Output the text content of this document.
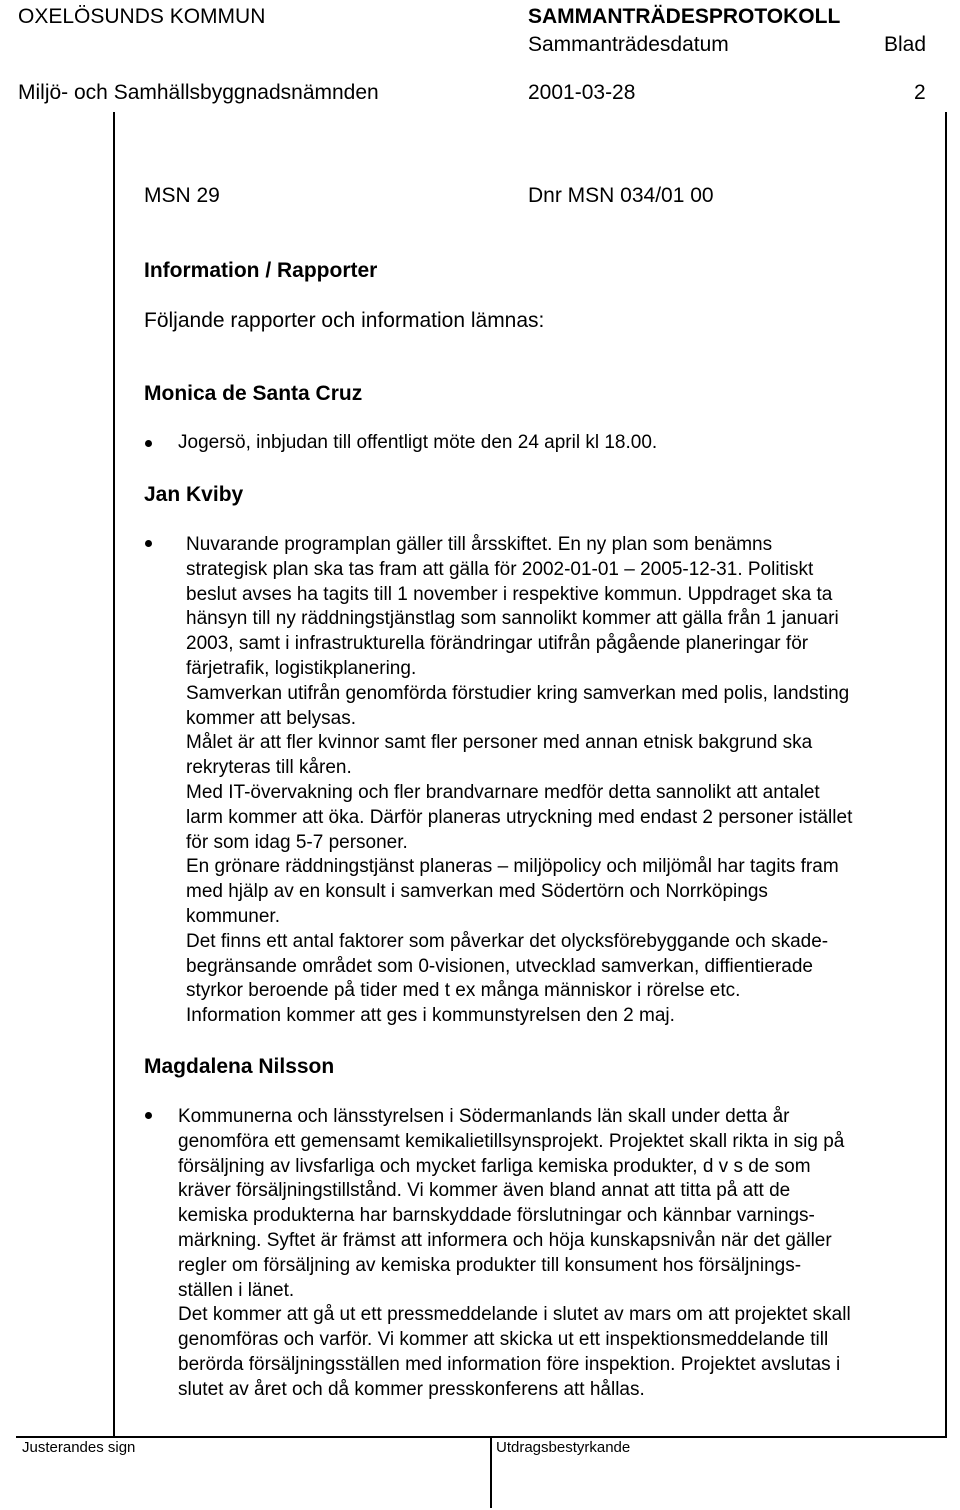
OXELÖSUNDS KOMMUN	SAMMANTRÄDESPROTOKOLL
Sammanträdesdatum	Blad
Miljö- och Samhällsbyggnadsnämnden	2001-03-28	2
MSN 29	Dnr MSN 034/01 00
Information / Rapporter
Följande rapporter och information lämnas:
Monica de Santa Cruz
Jogersö, inbjudan till offentligt möte den 24 april kl 18.00.
Jan Kviby
Nuvarande programplan gäller till årsskiftet. En ny plan som benämns
strategisk plan ska tas fram att gälla för 2002-01-01 – 2005-12-31. Politiskt
beslut avses ha tagits till 1 november i respektive kommun. Uppdraget ska ta
hänsyn till ny räddningstjänstlag som sannolikt kommer att gälla från 1 januari
2003, samt i infrastrukturella förändringar utifrån pågående planeringar för
färjetrafik, logistikplanering.
Samverkan utifrån genomförda förstudier kring samverkan med polis, landsting
kommer att belysas.
Målet är att fler kvinnor samt fler personer med annan etnisk bakgrund ska
rekryteras till kåren.
Med IT-övervakning och fler brandvarnare medför detta sannolikt att antalet
larm kommer att öka. Därför planeras utryckning med endast 2 personer istället
för som idag 5-7 personer.
En grönare räddningstjänst planeras – miljöpolicy och miljömål har tagits fram
med hjälp av en konsult i samverkan med Södertörn och Norrköpings
kommuner.
Det finns ett antal faktorer som påverkar det olycksförebyggande och skade-
begränsande området som 0-visionen, utvecklad samverkan, diffientierade
styrkor beroende på tider med t ex många människor i rörelse etc.
Information kommer att ges i kommunstyrelsen den 2 maj.
Magdalena Nilsson
Kommunerna och länsstyrelsen i Södermanlands län skall under detta år
genomföra ett gemensamt kemikalietillsynsprojekt. Projektet skall rikta in sig på
försäljning av livsfarliga och mycket farliga kemiska produkter, d v s de som
kräver försäljningstillstånd. Vi kommer även bland annat att titta på att de
kemiska produkterna har barnskyddade förslutningar och kännbar varnings-
märkning. Syftet är främst att informera och höja kunskapsnivån när det gäller
regler om försäljning av kemiska produkter till konsument hos försäljnings-
ställen i länet.
Det kommer att gå ut ett pressmeddelande i slutet av mars om att projektet skall
genomföras och varför. Vi kommer att skicka ut ett inspektionsmeddelande till
berörda försäljningsställen med information före inspektion. Projektet avslutas i
slutet av året och då kommer presskonferens att hållas.
Justerandes sign	Utdragsbestyrkande
